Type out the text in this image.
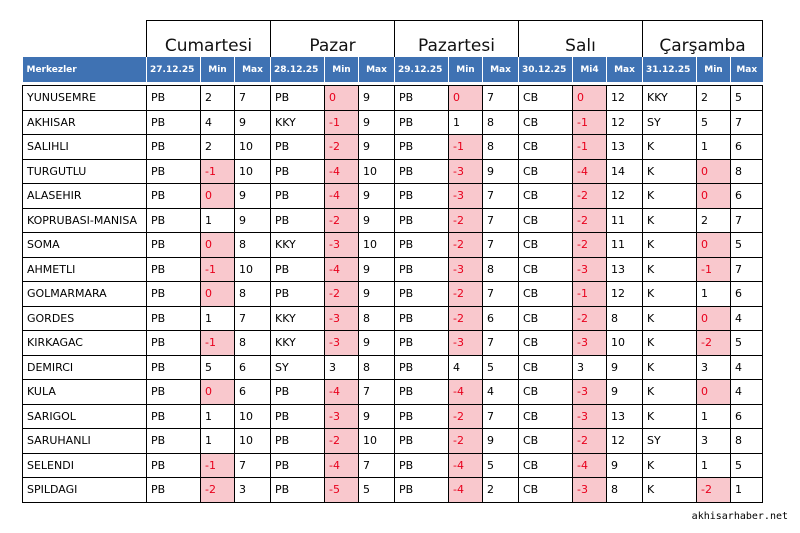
	Cumartesi			Pazar			Pazartesi			Salı			Çarşamba		
Merkezler	27.12.25	Min	Max	28.12.25	Min	Max	29.12.25	Min	Max	30.12.25	Mi4	Max	31.12.25	Min	Max

YUNUSEMRE	PB	2	7	PB	0	9	PB	0	7	CB	0	12	KKY	2	5
AKHISAR	PB	4	9	KKY	-1	9	PB	1	8	CB	-1	12	SY	5	7
SALIHLI	PB	2	10	PB	-2	9	PB	-1	8	CB	-1	13	K	1	6
TURGUTLU	PB	-1	10	PB	-4	10	PB	-3	9	CB	-4	14	K	0	8
ALASEHIR	PB	0	9	PB	-4	9	PB	-3	7	CB	-2	12	K	0	6
KOPRUBASI-MANISA	PB	1	9	PB	-2	9	PB	-2	7	CB	-2	11	K	2	7
SOMA	PB	0	8	KKY	-3	10	PB	-2	7	CB	-2	11	K	0	5
AHMETLI	PB	-1	10	PB	-4	9	PB	-3	8	CB	-3	13	K	-1	7
GOLMARMARA	PB	0	8	PB	-2	9	PB	-2	7	CB	-1	12	K	1	6
GORDES	PB	1	7	KKY	-3	8	PB	-2	6	CB	-2	8	K	0	4
KIRKAGAC	PB	-1	8	KKY	-3	9	PB	-3	7	CB	-3	10	K	-2	5
DEMIRCI	PB	5	6	SY	3	8	PB	4	5	CB	3	9	K	3	4
KULA	PB	0	6	PB	-4	7	PB	-4	4	CB	-3	9	K	0	4
SARIGOL	PB	1	10	PB	-3	9	PB	-2	7	CB	-3	13	K	1	6
SARUHANLI	PB	1	10	PB	-2	10	PB	-2	9	CB	-2	12	SY	3	8
SELENDI	PB	-1	7	PB	-4	7	PB	-4	5	CB	-4	9	K	1	5
SPILDAGI	PB	-2	3	PB	-5	5	PB	-4	2	CB	-3	8	K	-2	1
akhisarhaber.net
